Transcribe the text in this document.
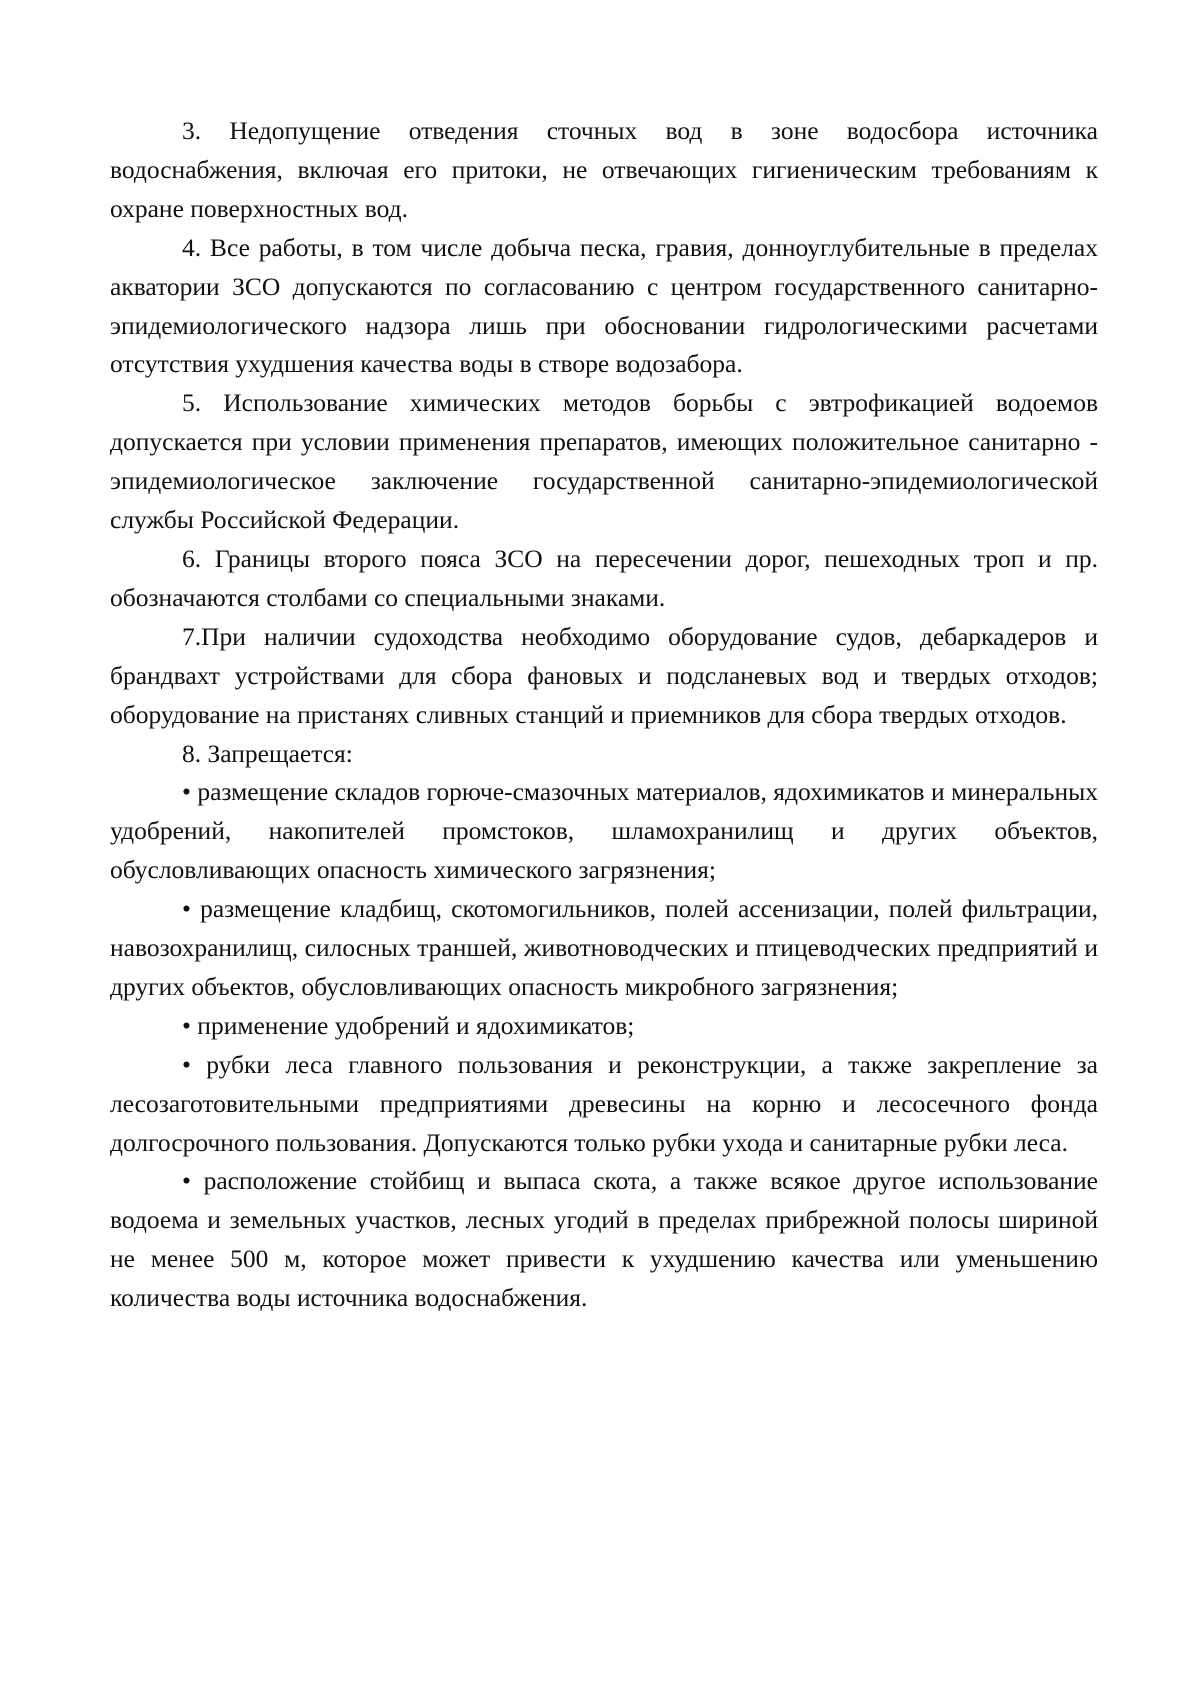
3. Недопущение отведения сточных вод в зоне водосбора источника водоснабжения, включая его притоки, не отвечающих гигиеническим требованиям к охране поверхностных вод.

4. Все работы, в том числе добыча песка, гравия, донноуглубительные в пределах акватории ЗСО допускаются по согласованию с центром государственного санитарно-эпидемиологического надзора лишь при обосновании гидрологическими расчетами отсутствия ухудшения качества воды в створе водозабора.

5. Использование химических методов борьбы с эвтрофикацией водоемов допускается при условии применения препаратов, имеющих положительное санитарно - эпидемиологическое заключение государственной санитарно-эпидемиологической службы Российской Федерации.

6. Границы второго пояса ЗСО на пересечении дорог, пешеходных троп и пр. обозначаются столбами со специальными знаками.

7.При наличии судоходства необходимо оборудование судов, дебаркадеров и брандвахт устройствами для сбора фановых и подсланевых вод и твердых отходов; оборудование на пристанях сливных станций и приемников для сбора твердых отходов.

8. Запрещается:

• размещение складов горюче-смазочных материалов, ядохимикатов и минеральных удобрений, накопителей промстоков, шламохранилищ и других объектов, обусловливающих опасность химического загрязнения;

• размещение кладбищ, скотомогильников, полей ассенизации, полей фильтрации, навозохранилищ, силосных траншей, животноводческих и птицеводческих предприятий и других объектов, обусловливающих опасность микробного загрязнения;

• применение удобрений и ядохимикатов;

• рубки леса главного пользования и реконструкции, а также закрепление за лесозаготовительными предприятиями древесины на корню и лесосечного фонда долгосрочного пользования. Допускаются только рубки ухода и санитарные рубки леса.

• расположение стойбищ и выпаса скота, а также всякое другое использование водоема и земельных участков, лесных угодий в пределах прибрежной полосы шириной не менее 500 м, которое может привести к ухудшению качества или уменьшению количества воды источника водоснабжения.
